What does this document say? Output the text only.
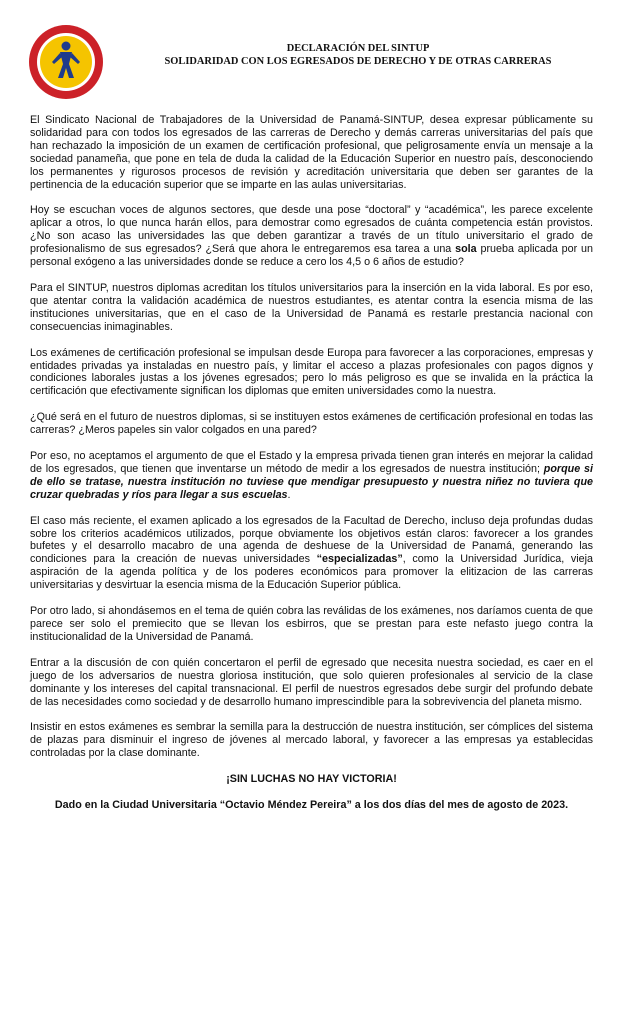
DECLARACIÓN DEL SINTUP
SOLIDARIDAD CON LOS EGRESADOS DE DERECHO Y DE OTRAS CARRERAS

El Sindicato Nacional de Trabajadores de la Universidad de Panamá-SINTUP, desea expresar públicamente su solidaridad para con todos los egresados de las carreras de Derecho y demás carreras universitarias del país que han rechazado la imposición de un examen de certificación profesional, que peligrosamente envía un mensaje a la sociedad panameña, que pone en tela de duda la calidad de la Educación Superior en nuestro país, desconociendo los permanentes y rigurosos procesos de revisión y acreditación universitaria que deben ser garantes de la pertinencia de la educación superior que se imparte en las aulas universitarias.

Hoy se escuchan voces de algunos sectores, que desde una pose “doctoral” y “académica”, les parece excelente aplicar a otros, lo que nunca harán ellos, para demostrar como egresados de cuánta competencia están provistos. ¿No son acaso las universidades las que deben garantizar a través de un título universitario el grado de profesionalismo de sus egresados? ¿Será que ahora le entregaremos esa tarea a una sola prueba aplicada por un personal exógeno a las universidades donde se reduce a cero los 4,5 o 6 años de estudio?

Para el SINTUP, nuestros diplomas acreditan los títulos universitarios para la inserción en la vida laboral. Es por eso, que atentar contra la validación académica de nuestros estudiantes, es atentar contra la esencia misma de las instituciones universitarias, que en el caso de la Universidad de Panamá es restarle prestancia nacional con consecuencias inimaginables.

Los exámenes de certificación profesional se impulsan desde Europa para favorecer a las corporaciones, empresas y entidades privadas ya instaladas en nuestro país, y limitar el acceso a plazas profesionales con pagos dignos y condiciones laborales justas a los jóvenes egresados; pero lo más peligroso es que se invalida en la práctica la certificación que efectivamente significan los diplomas que emiten universidades como la nuestra.

¿Qué será en el futuro de nuestros diplomas, si se instituyen estos exámenes de certificación profesional en todas las carreras? ¿Meros papeles sin valor colgados en una pared?

Por eso, no aceptamos el argumento de que el Estado y la empresa privada tienen gran interés en mejorar la calidad de los egresados, que tienen que inventarse un método de medir a los egresados de nuestra institución; porque si de ello se tratase, nuestra institución no tuviese que mendigar presupuesto y nuestra niñez no tuviera que cruzar quebradas y ríos para llegar a sus escuelas.

El caso más reciente, el examen aplicado a los egresados de la Facultad de Derecho, incluso deja profundas dudas sobre los criterios académicos utilizados, porque obviamente los objetivos están claros: favorecer a los grandes bufetes y el desarrollo macabro de una agenda de deshuese de la Universidad de Panamá, generando las condiciones para la creación de nuevas universidades “especializadas”, como la Universidad Jurídica, vieja aspiración de la agenda política y de los poderes económicos para promover la elitizacion de las carreras universitarias y desvirtuar la esencia misma de la Educación Superior pública.

Por otro lado, si ahondásemos en el tema de quién cobra las reválidas de los exámenes, nos daríamos cuenta de que parece ser solo el premiecito que se llevan los esbirros, que se prestan para este nefasto juego contra la institucionalidad de la Universidad de Panamá.

Entrar a la discusión de con quién concertaron el perfil de egresado que necesita nuestra sociedad, es caer en el juego de los adversarios de nuestra gloriosa institución, que solo quieren profesionales al servicio de la clase dominante y los intereses del capital transnacional. El perfil de nuestros egresados debe surgir del profundo debate de las necesidades como sociedad y de desarrollo humano imprescindible para la sobrevivencia del planeta mismo.

Insistir en estos exámenes es sembrar la semilla para la destrucción de nuestra institución, ser cómplices del sistema de plazas para disminuir el ingreso de jóvenes al mercado laboral, y favorecer a las empresas ya establecidas controladas por la clase dominante.

¡SIN LUCHAS NO HAY VICTORIA!

Dado en la Ciudad Universitaria “Octavio Méndez Pereira” a los dos días del mes de agosto de 2023.
